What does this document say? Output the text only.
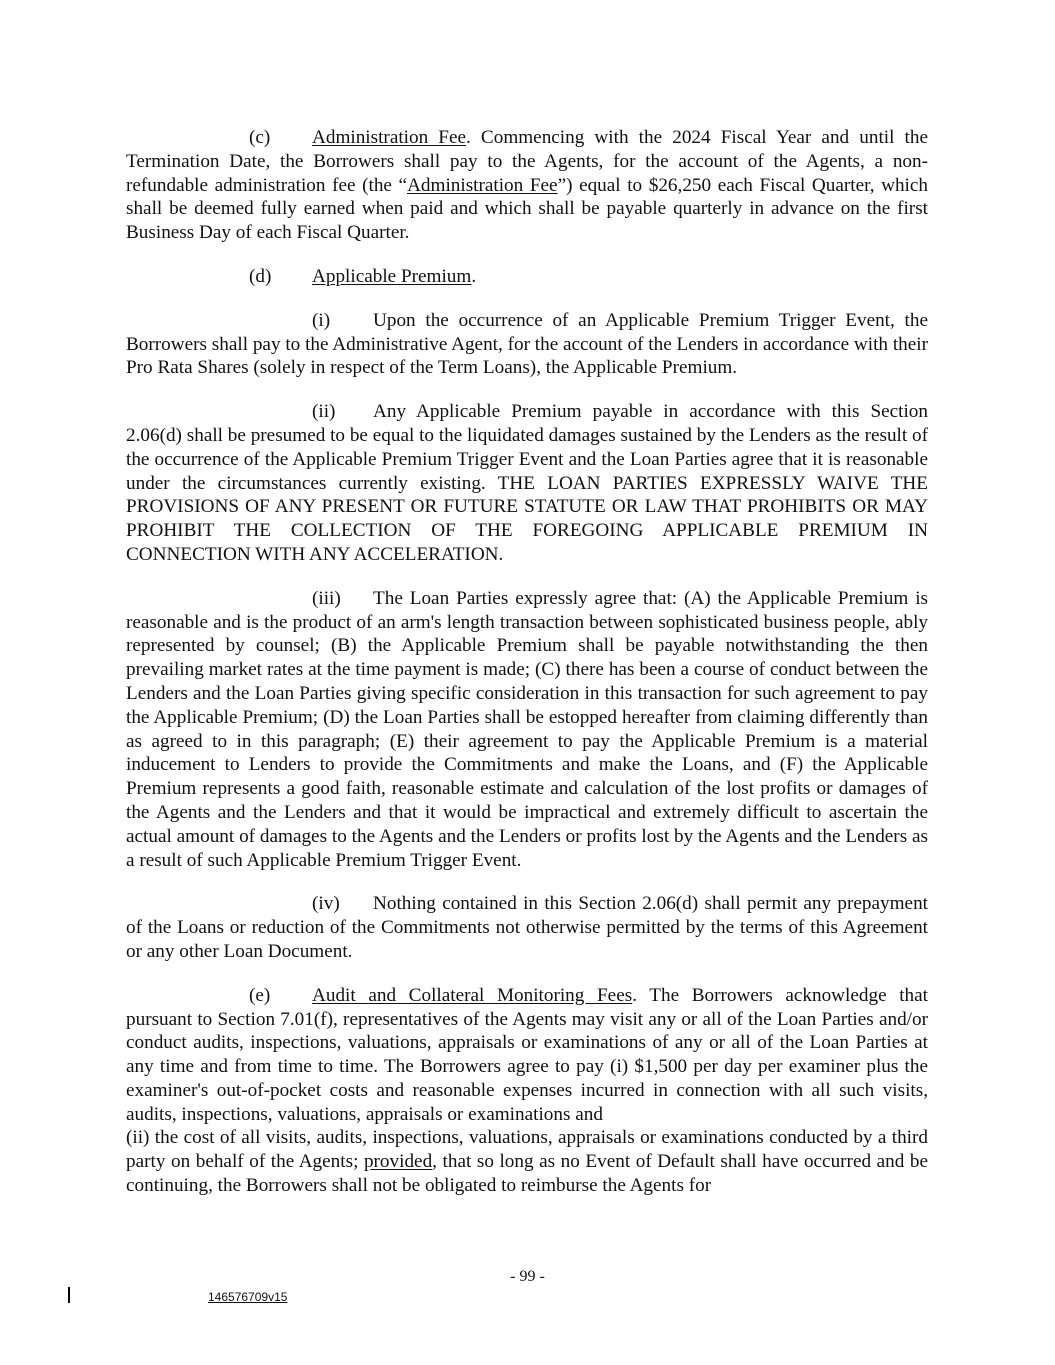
(c) Administration Fee. Commencing with the 2024 Fiscal Year and until the Termination Date, the Borrowers shall pay to the Agents, for the account of the Agents, a non-refundable administration fee (the “Administration Fee”) equal to $26,250 each Fiscal Quarter, which shall be deemed fully earned when paid and which shall be payable quarterly in advance on the first Business Day of each Fiscal Quarter.

(d) Applicable Premium.

(i) Upon the occurrence of an Applicable Premium Trigger Event, the Borrowers shall pay to the Administrative Agent, for the account of the Lenders in accordance with their Pro Rata Shares (solely in respect of the Term Loans), the Applicable Premium.

(ii) Any Applicable Premium payable in accordance with this Section 2.06(d) shall be presumed to be equal to the liquidated damages sustained by the Lenders as the result of the occurrence of the Applicable Premium Trigger Event and the Loan Parties agree that it is reasonable under the circumstances currently existing. THE LOAN PARTIES EXPRESSLY WAIVE THE PROVISIONS OF ANY PRESENT OR FUTURE STATUTE OR LAW THAT PROHIBITS OR MAY PROHIBIT THE COLLECTION OF THE FOREGOING APPLICABLE PREMIUM IN CONNECTION WITH ANY ACCELERATION.

(iii) The Loan Parties expressly agree that: (A) the Applicable Premium is reasonable and is the product of an arm's length transaction between sophisticated business people, ably represented by counsel; (B) the Applicable Premium shall be payable notwithstanding the then prevailing market rates at the time payment is made; (C) there has been a course of conduct between the Lenders and the Loan Parties giving specific consideration in this transaction for such agreement to pay the Applicable Premium; (D) the Loan Parties shall be estopped hereafter from claiming differently than as agreed to in this paragraph; (E) their agreement to pay the Applicable Premium is a material inducement to Lenders to provide the Commitments and make the Loans, and (F) the Applicable Premium represents a good faith, reasonable estimate and calculation of the lost profits or damages of the Agents and the Lenders and that it would be impractical and extremely difficult to ascertain the actual amount of damages to the Agents and the Lenders or profits lost by the Agents and the Lenders as a result of such Applicable Premium Trigger Event.

(iv) Nothing contained in this Section 2.06(d) shall permit any prepayment of the Loans or reduction of the Commitments not otherwise permitted by the terms of this Agreement or any other Loan Document.

(e) Audit and Collateral Monitoring Fees. The Borrowers acknowledge that pursuant to Section 7.01(f), representatives of the Agents may visit any or all of the Loan Parties and/or conduct audits, inspections, valuations, appraisals or examinations of any or all of the Loan Parties at any time and from time to time. The Borrowers agree to pay (i) $1,500 per day per examiner plus the examiner's out-of-pocket costs and reasonable expenses incurred in connection with all such visits, audits, inspections, valuations, appraisals or examinations and
(ii) the cost of all visits, audits, inspections, valuations, appraisals or examinations conducted by a third party on behalf of the Agents; provided, that so long as no Event of Default shall have occurred and be continuing, the Borrowers shall not be obligated to reimburse the Agents for

- 99 -
146576709v15
